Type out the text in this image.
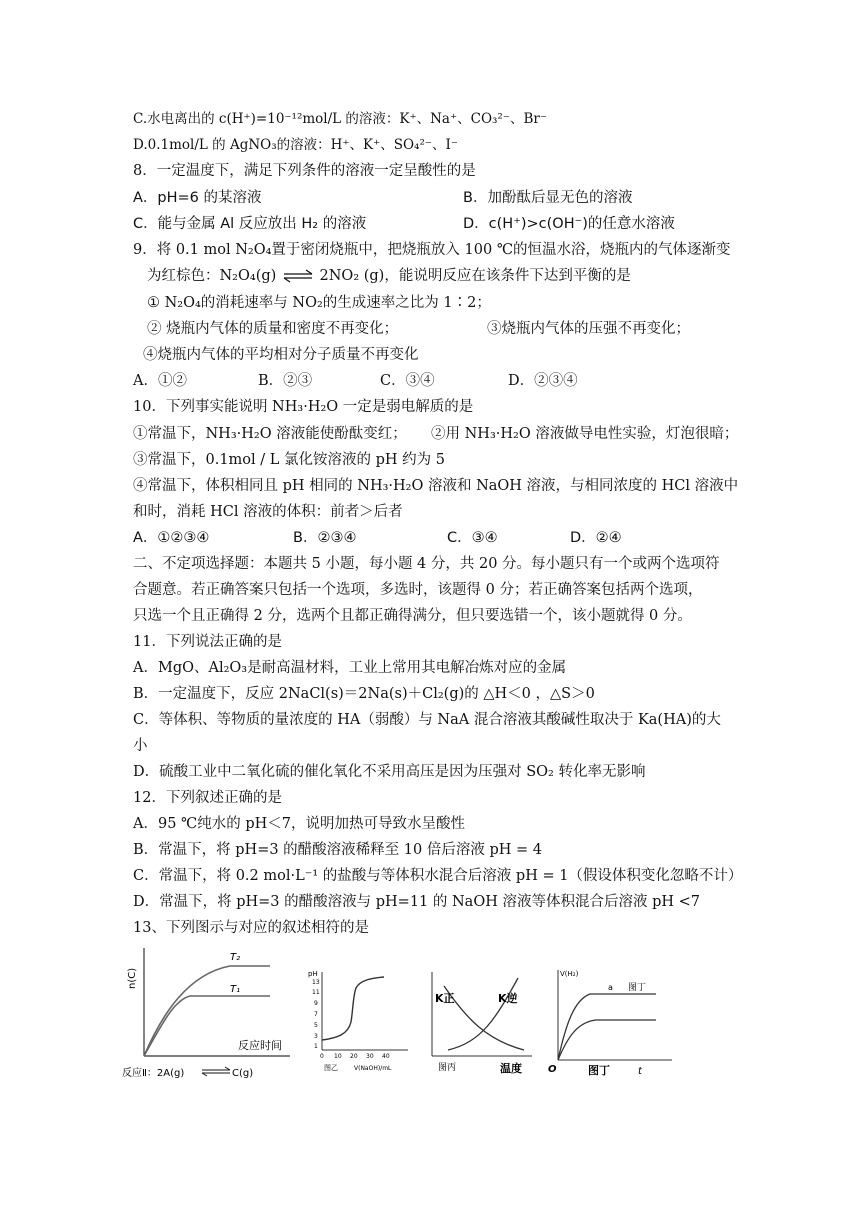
C.水电离出的 c(H⁺)=10⁻¹²mol/L 的溶液：K⁺、Na⁺、CO₃²⁻、Br⁻
D.0.1mol/L 的 AgNO₃的溶液：H⁺、K⁺、SO₄²⁻、I⁻
8．一定温度下，满足下列条件的溶液一定呈酸性的是
A．pH=6 的某溶液	B．加酚酞后显无色的溶液
C．能与金属 Al 反应放出 H₂ 的溶液	D．c(H⁺)>c(OH⁻)的任意水溶液
9．将 0.1 mol N₂O₄置于密闭烧瓶中，把烧瓶放入 100 ℃的恒温水浴，烧瓶内的气体逐渐变
为红棕色：N₂O₄(g) ⇌ 2NO₂ (g)，能说明反应在该条件下达到平衡的是
① N₂O₄的消耗速率与 NO₂的生成速率之比为 1∶2；
② 烧瓶内气体的质量和密度不再变化；	③烧瓶内气体的压强不再变化；
④烧瓶内气体的平均相对分子质量不再变化
A．①②	B．②③	C．③④	D．②③④
10．下列事实能说明 NH₃·H₂O 一定是弱电解质的是
①常温下，NH₃·H₂O 溶液能使酚酞变红； ②用 NH₃·H₂O 溶液做导电性实验，灯泡很暗；
③常温下，0.1mol / L 氯化铵溶液的 pH 约为 5
④常温下，体积相同且 pH 相同的 NH₃·H₂O 溶液和 NaOH 溶液，与相同浓度的 HCl 溶液中
和时，消耗 HCl 溶液的体积：前者＞后者
A．①②③④	B．②③④	C．③④	D．②④
二、不定项选择题：本题共 5 小题，每小题 4 分，共 20 分。每小题只有一个或两个选项符
合题意。若正确答案只包括一个选项，多选时，该题得 0 分；若正确答案包括两个选项，
只选一个且正确得 2 分，选两个且都正确得满分，但只要选错一个，该小题就得 0 分。
11．下列说法正确的是
A．MgO、Al₂O₃是耐高温材料，工业上常用其电解冶炼对应的金属
B．一定温度下，反应 2NaCl(s)＝2Na(s)＋Cl₂(g)的 △H＜0 ，△S＞0
C．等体积、等物质的量浓度的 HA（弱酸）与 NaA 混合溶液其酸碱性取决于 Ka(HA)的大
小
D．硫酸工业中二氧化硫的催化氧化不采用高压是因为压强对 SO₂ 转化率无影响
12．下列叙述正确的是
A．95 ℃纯水的 pH＜7，说明加热可导致水呈酸性
B．常温下，将 pH=3 的醋酸溶液稀释至 10 倍后溶液 pH = 4
C．常温下，将 0.2 mol·L⁻¹ 的盐酸与等体积水混合后溶液 pH = 1（假设体积变化忽略不计）
D．常温下，将 pH=3 的醋酸溶液与 pH=11 的 NaOH 溶液等体积混合后溶液 pH <7
13、下列图示与对应的叙述相符的是
n(C)
T₂
T₁
反应时间
反应Ⅱ：2A(g)	C(g)
pH
13
11
9
7
5
3
1
0 10 20 30 40
图乙	V(NaOH)/mL
K正	K逆
图丙	温度
V(H₂)
a 图丁
O	图丁	t
